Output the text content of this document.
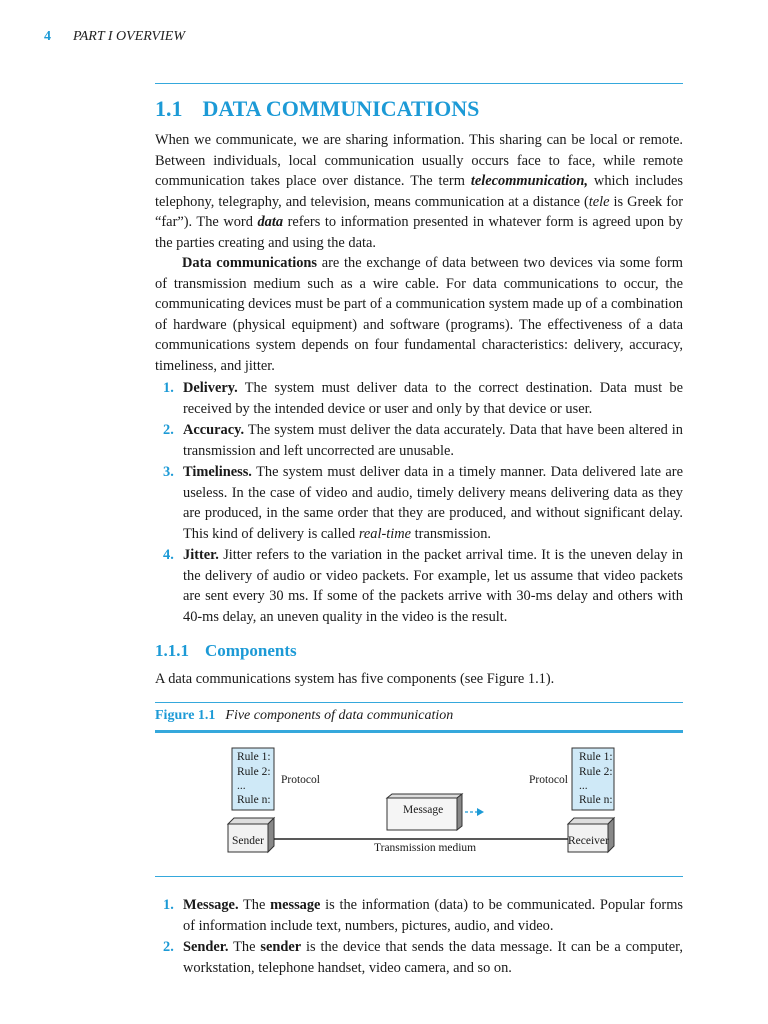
4 PART I OVERVIEW
1.1 DATA COMMUNICATIONS

When we communicate, we are sharing information. This sharing can be local or remote. Between individuals, local communication usually occurs face to face, while remote communication takes place over distance. The term telecommunication, which includes telephony, telegraphy, and television, means communication at a distance (tele is Greek for “far”). The word data refers to information presented in whatever form is agreed upon by the parties creating and using the data.

Data communications are the exchange of data between two devices via some form of transmission medium such as a wire cable. For data communications to occur, the communicating devices must be part of a communication system made up of a combination of hardware (physical equipment) and software (programs). The effectiveness of a data communications system depends on four fundamental characteristics: delivery, accuracy, timeliness, and jitter.

1. Delivery. The system must deliver data to the correct destination. Data must be received by the intended device or user and only by that device or user.
2. Accuracy. The system must deliver the data accurately. Data that have been altered in transmission and left uncorrected are unusable.
3. Timeliness. The system must deliver data in a timely manner. Data delivered late are useless. In the case of video and audio, timely delivery means delivering data as they are produced, in the same order that they are produced, and without significant delay. This kind of delivery is called real-time transmission.
4. Jitter. Jitter refers to the variation in the packet arrival time. It is the uneven delay in the delivery of audio or video packets. For example, let us assume that video packets are sent every 30 ms. If some of the packets arrive with 30-ms delay and others with 40-ms delay, an uneven quality in the video is the result.
1.1.1 Components

A data communications system has five components (see Figure 1.1).

Figure 1.1 Five components of data communication
Rule 1:
Rule 2:
...
Rule n:
Rule 1:
Rule 2:
...
Rule n:
Protocol	Protocol
Message
Sender	Receiver
Transmission medium
1. Message. The message is the information (data) to be communicated. Popular forms of information include text, numbers, pictures, audio, and video.
2. Sender. The sender is the device that sends the data message. It can be a computer, workstation, telephone handset, video camera, and so on.
